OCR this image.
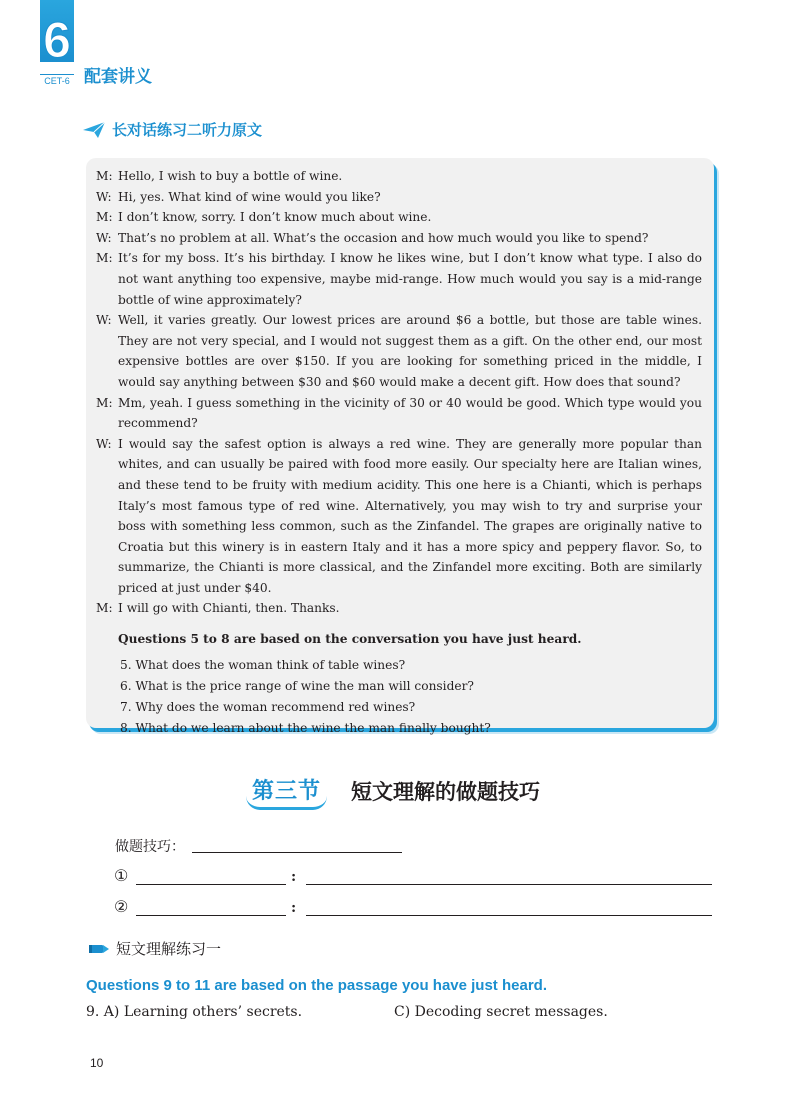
6
CET-6 配套讲义
长对话练习二听力原文
M: Hello, I wish to buy a bottle of wine.
W: Hi, yes. What kind of wine would you like?
M: I don’t know, sorry. I don’t know much about wine.
W: That’s no problem at all. What’s the occasion and how much would you like to spend?
M: It’s for my boss. It’s his birthday. I know he likes wine, but I don’t know what type. I also do not want anything too expensive, maybe mid-range. How much would you say is a mid-range bottle of wine approximately?
W: Well, it varies greatly. Our lowest prices are around $6 a bottle, but those are table wines. They are not very special, and I would not suggest them as a gift. On the other end, our most expensive bottles are over $150. If you are looking for something priced in the middle, I would say anything between $30 and $60 would make a decent gift. How does that sound?
M: Mm, yeah. I guess something in the vicinity of 30 or 40 would be good. Which type would you recommend?
W: I would say the safest option is always a red wine. They are generally more popular than whites, and can usually be paired with food more easily. Our specialty here are Italian wines, and these tend to be fruity with medium acidity. This one here is a Chianti, which is perhaps Italy’s most famous type of red wine. Alternatively, you may wish to try and surprise your boss with something less common, such as the Zinfandel. The grapes are originally native to Croatia but this winery is in eastern Italy and it has a more spicy and peppery flavor. So, to summarize, the Chianti is more classical, and the Zinfandel more exciting. Both are similarly priced at just under $40.
M: I will go with Chianti, then. Thanks.
Questions 5 to 8 are based on the conversation you have just heard.
5. What does the woman think of table wines?
6. What is the price range of wine the man will consider?
7. Why does the woman recommend red wines?
8. What do we learn about the wine the man finally bought?
第三节 短文理解的做题技巧
做题技巧：
①	:
②	:
短文理解练习一
Questions 9 to 11 are based on the passage you have just heard.
9. A) Learning others’ secrets.	C) Decoding secret messages.
10
